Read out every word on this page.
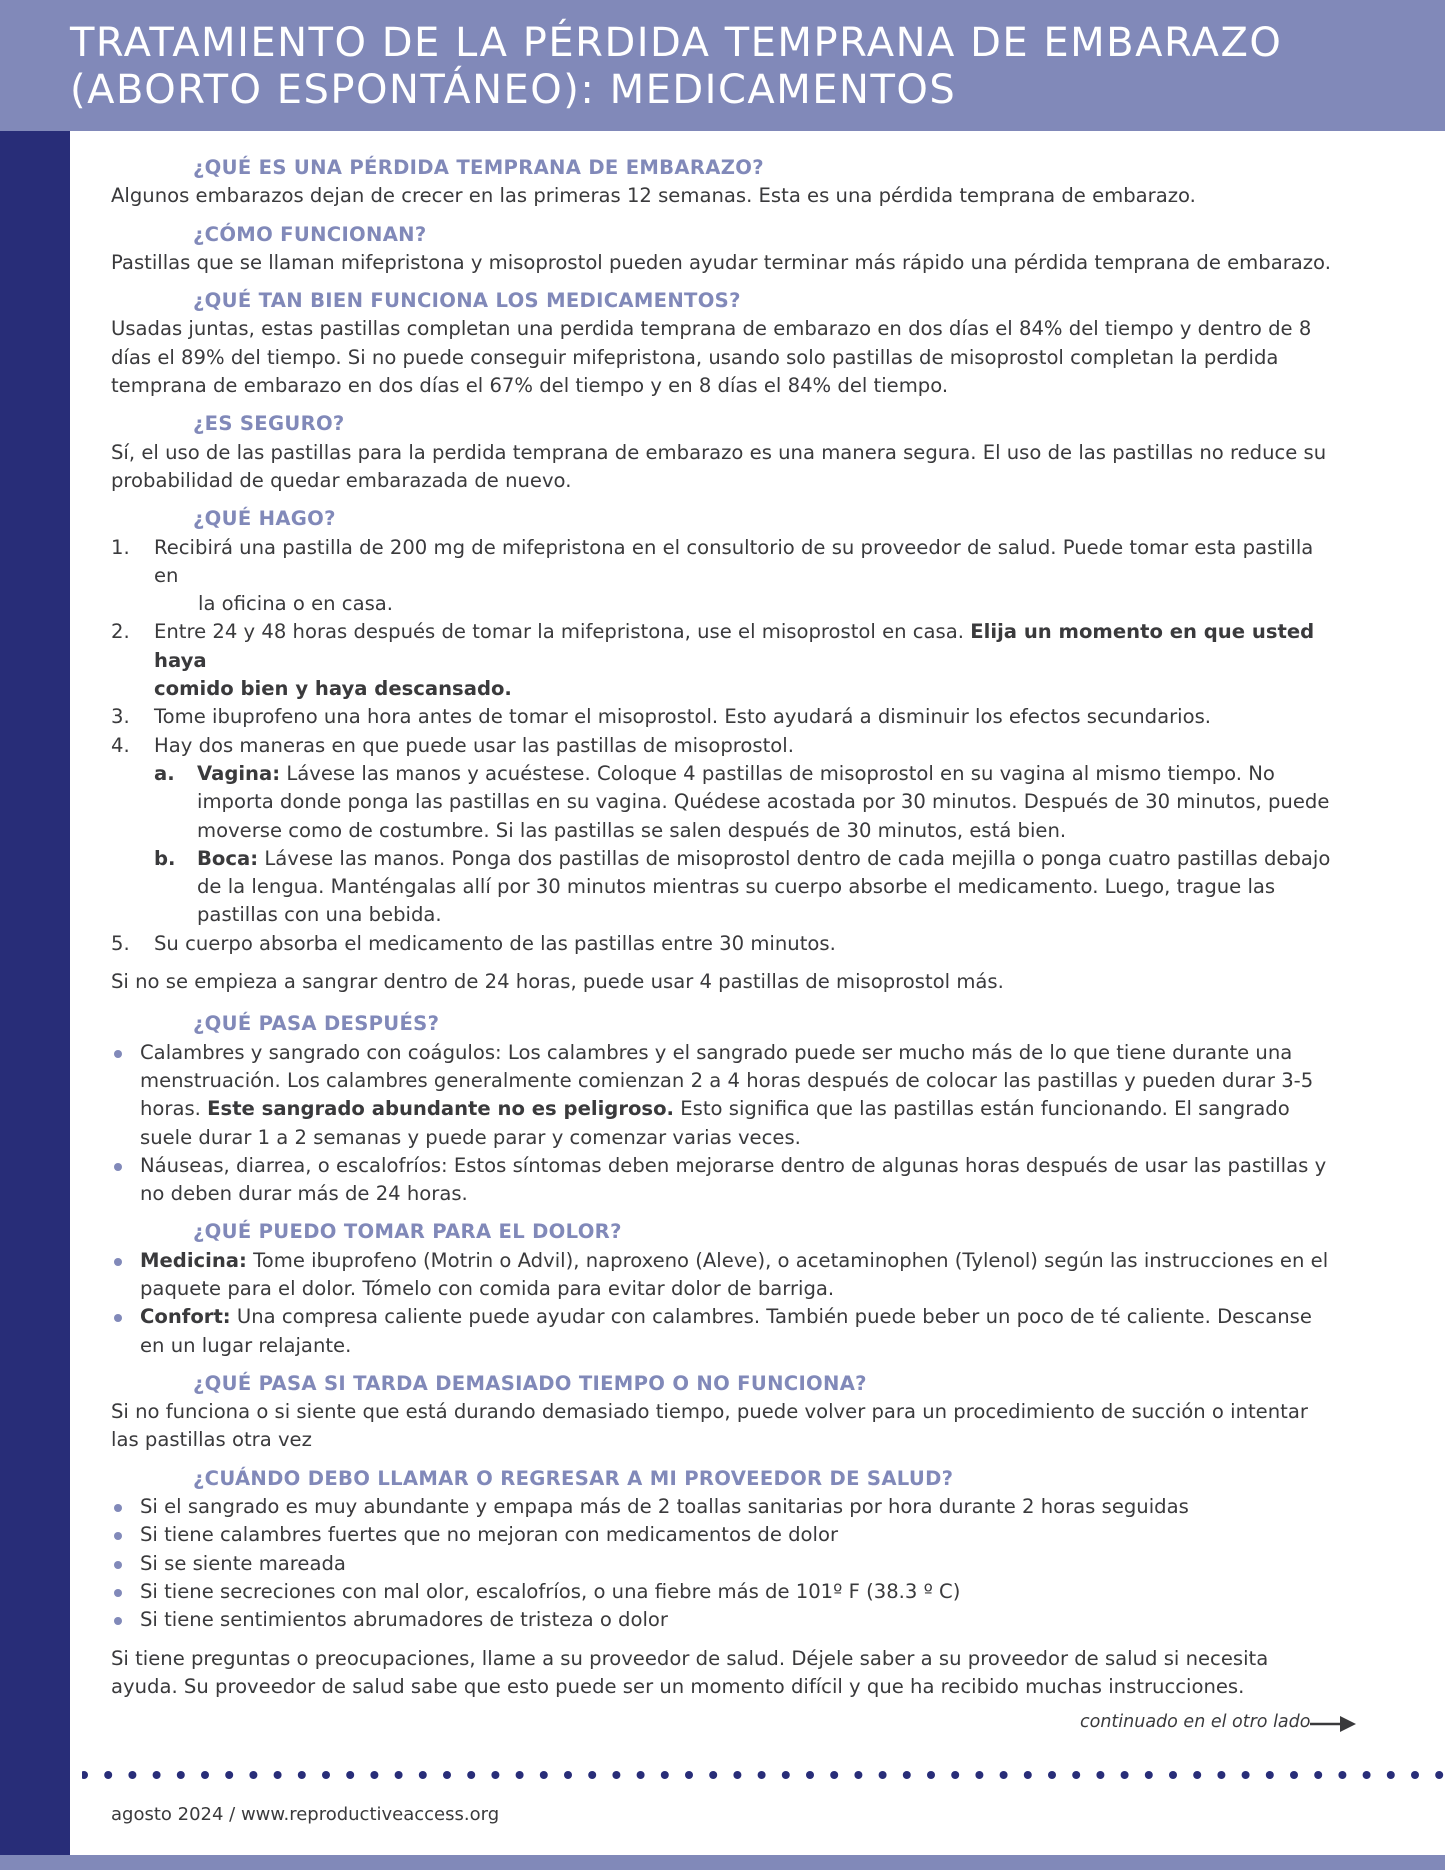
TRATAMIENTO DE LA PÉRDIDA TEMPRANA DE EMBARAZO
(ABORTO ESPONTÁNEO): MEDICAMENTOS

¿QUÉ ES UNA PÉRDIDA TEMPRANA DE EMBARAZO?

Algunos embarazos dejan de crecer en las primeras 12 semanas. Esta es una pérdida temprana de embarazo.

¿CÓMO FUNCIONAN?

Pastillas que se llaman mifepristona y misoprostol pueden ayudar terminar más rápido una pérdida temprana de embarazo.

¿QUÉ TAN BIEN FUNCIONA LOS MEDICAMENTOS?

Usadas juntas, estas pastillas completan una perdida temprana de embarazo en dos días el 84% del tiempo y dentro de 8 días el 89% del tiempo. Si no puede conseguir mifepristona, usando solo pastillas de misoprostol completan la perdida temprana de embarazo en dos días el 67% del tiempo y en 8 días el 84% del tiempo.

¿ES SEGURO?

Sí, el uso de las pastillas para la perdida temprana de embarazo es una manera segura. El uso de las pastillas no reduce su probabilidad de quedar embarazada de nuevo.

¿QUÉ HAGO?

1. Recibirá una pastilla de 200 mg de mifepristona en el consultorio de su proveedor de salud. Puede tomar esta pastilla en
la oficina o en casa.
2. Entre 24 y 48 horas después de tomar la mifepristona, use el misoprostol en casa. Elija un momento en que usted haya
comido bien y haya descansado.
3. Tome ibuprofeno una hora antes de tomar el misoprostol. Esto ayudará a disminuir los efectos secundarios.
4. Hay dos maneras en que puede usar las pastillas de misoprostol.
a. Vagina: Lávese las manos y acuéstese. Coloque 4 pastillas de misoprostol en su vagina al mismo tiempo. No importa donde ponga las pastillas en su vagina. Quédese acostada por 30 minutos. Después de 30 minutos, puede moverse como de costumbre. Si las pastillas se salen después de 30 minutos, está bien.
b. Boca: Lávese las manos. Ponga dos pastillas de misoprostol dentro de cada mejilla o ponga cuatro pastillas debajo de la lengua. Manténgalas allí por 30 minutos mientras su cuerpo absorbe el medicamento. Luego, trague las pastillas con una bebida.
5. Su cuerpo absorba el medicamento de las pastillas entre 30 minutos.

Si no se empieza a sangrar dentro de 24 horas, puede usar 4 pastillas de misoprostol más.

¿QUÉ PASA DESPUÉS?

Calambres y sangrado con coágulos: Los calambres y el sangrado puede ser mucho más de lo que tiene durante una menstruación. Los calambres generalmente comienzan 2 a 4 horas después de colocar las pastillas y pueden durar 3-5 horas. Este sangrado abundante no es peligroso. Esto significa que las pastillas están funcionando. El sangrado suele durar 1 a 2 semanas y puede parar y comenzar varias veces.
Náuseas, diarrea, o escalofríos: Estos síntomas deben mejorarse dentro de algunas horas después de usar las pastillas y no deben durar más de 24 horas.

¿QUÉ PUEDO TOMAR PARA EL DOLOR?

Medicina: Tome ibuprofeno (Motrin o Advil), naproxeno (Aleve), o acetaminophen (Tylenol) según las instrucciones en el paquete para el dolor. Tómelo con comida para evitar dolor de barriga.
Confort: Una compresa caliente puede ayudar con calambres. También puede beber un poco de té caliente. Descanse en un lugar relajante.

¿QUÉ PASA SI TARDA DEMASIADO TIEMPO O NO FUNCIONA?

Si no funciona o si siente que está durando demasiado tiempo, puede volver para un procedimiento de succión o intentar las pastillas otra vez

¿CUÁNDO DEBO LLAMAR O REGRESAR A MI PROVEEDOR DE SALUD?

Si el sangrado es muy abundante y empapa más de 2 toallas sanitarias por hora durante 2 horas seguidas
Si tiene calambres fuertes que no mejoran con medicamentos de dolor
Si se siente mareada
Si tiene secreciones con mal olor, escalofríos, o una fiebre más de 101º F (38.3 º C)
Si tiene sentimientos abrumadores de tristeza o dolor

Si tiene preguntas o preocupaciones, llame a su proveedor de salud. Déjele saber a su proveedor de salud si necesita ayuda. Su proveedor de salud sabe que esto puede ser un momento difícil y que ha recibido muchas instrucciones.

continuado en el otro lado
agosto 2024 / www.reproductiveaccess.org
